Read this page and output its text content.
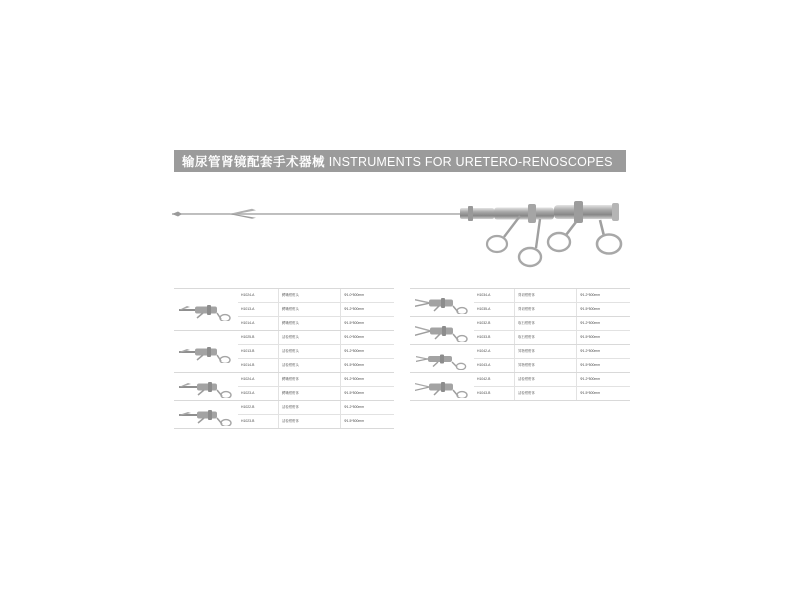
输尿管肾镜配套手术器械 INSTRUMENTS FOR URETERO-RENOSCOPES
H1024-A	鳄嘴钳钳头	Φ1.0*500mm
H1013-A	鳄嘴钳钳头	Φ1.2*500mm
H1014-A	鳄嘴钳钳头	Φ1.5*500mm
H1025-B	活检钳钳头	Φ1.0*500mm
H1013-B	活检钳钳头	Φ1.2*500mm
H1014-B	活检钳钳头	Φ1.5*500mm
H1024-A	鳄嘴钳钳体	Φ1.2*500mm
H1023-A	鳄嘴钳钳体	Φ1.5*500mm
H1022-B	活检钳钳体	Φ1.2*500mm
H1023-B	活检钳钳体	Φ1.5*500mm
H1034-A	剪切钳钳体	Φ1.2*500mm
H1035-A	剪切钳钳体	Φ1.5*500mm
H1032-B	取石钳钳体	Φ1.2*500mm
H1033-B	取石钳钳体	Φ1.5*500mm
H1042-A	异物钳钳体	Φ1.2*500mm
H1043-A	异物钳钳体	Φ1.5*500mm
H1042-B	活检钳钳体	Φ1.2*500mm
H1043-B	活检钳钳体	Φ1.5*500mm
